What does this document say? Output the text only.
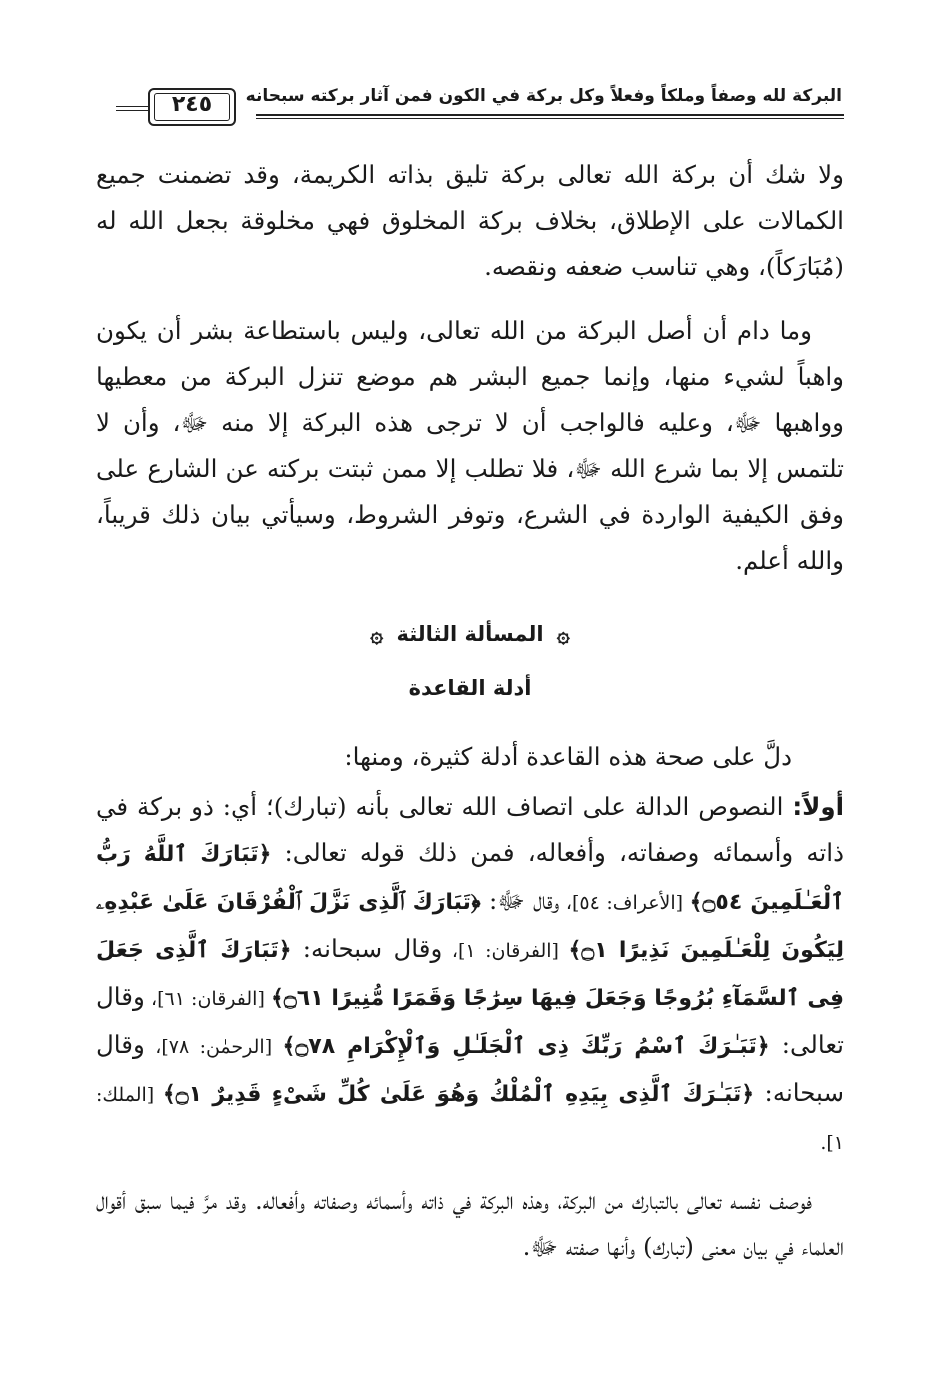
البركة لله وصفاً وملكاً وفعلاً وكل بركة في الكون فمن آثار بركته سبحانه
٢٤٥

ولا شك أن بركة الله تعالى بركة تليق بذاته الكريمة، وقد تضمنت جميع الكمالات على الإطلاق، بخلاف بركة المخلوق فهي مخلوقة بجعل الله له (مُبَارَكاً)، وهي تناسب ضعفه ونقصه.

وما دام أن أصل البركة من الله تعالى، وليس باستطاعة بشر أن يكون واهباً لشيء منها، وإنما جميع البشر هم موضع تنزل البركة من معطيها وواهبها ﷻ، وعليه فالواجب أن لا ترجى هذه البركة إلا منه ﷻ، وأن لا تلتمس إلا بما شرع الله ﷻ، فلا تطلب إلا ممن ثبتت بركته عن الشارع على وفق الكيفية الواردة في الشرع، وتوفر الشروط، وسيأتي بيان ذلك قريباً، والله أعلم.

۞ المسألة الثالثة ۞
أدلة القاعدة

دلَّ على صحة هذه القاعدة أدلة كثيرة، ومنها:

أولاً: النصوص الدالة على اتصاف الله تعالى بأنه (تبارك)؛ أي: ذو بركة في ذاته وأسمائه وصفاته، وأفعاله، فمن ذلك قوله تعالى: ﴿تَبَارَكَ ٱللَّهُ رَبُّ ٱلْعَـٰلَمِينَ ۝٥٤﴾ [الأعراف: ٥٤]، وقال ﷻ: ﴿تَبَارَكَ ٱلَّذِى نَزَّلَ ٱلْفُرْقَانَ عَلَىٰ عَبْدِهِۦ لِيَكُونَ لِلْعَـٰلَمِينَ نَذِيرًا ۝١﴾ [الفرقان: ١]، وقال سبحانه: ﴿تَبَارَكَ ٱلَّذِى جَعَلَ فِى ٱلسَّمَآءِ بُرُوجًا وَجَعَلَ فِيهَا سِرَٰجًا وَقَمَرًا مُّنِيرًا ۝٦١﴾ [الفرقان: ٦١]، وقال تعالى: ﴿تَبَـٰرَكَ ٱسْمُ رَبِّكَ ذِى ٱلْجَلَـٰلِ وَٱلْإِكْرَامِ ۝٧٨﴾ [الرحمٰن: ٧٨]، وقال سبحانه: ﴿تَبَـٰرَكَ ٱلَّذِى بِيَدِهِ ٱلْمُلْكُ وَهُوَ عَلَىٰ كُلِّ شَىْءٍ قَدِيرٌ ۝١﴾ [الملك: ١].

فوصف نفسه تعالى بالتبارك من البركة، وهذه البركة في ذاته وأسمائه وصفاته وأفعاله. وقد مرَّ فيما سبق أقوال العلماء في بيان معنى (تبارك) وأنها صفته ﷻ.
